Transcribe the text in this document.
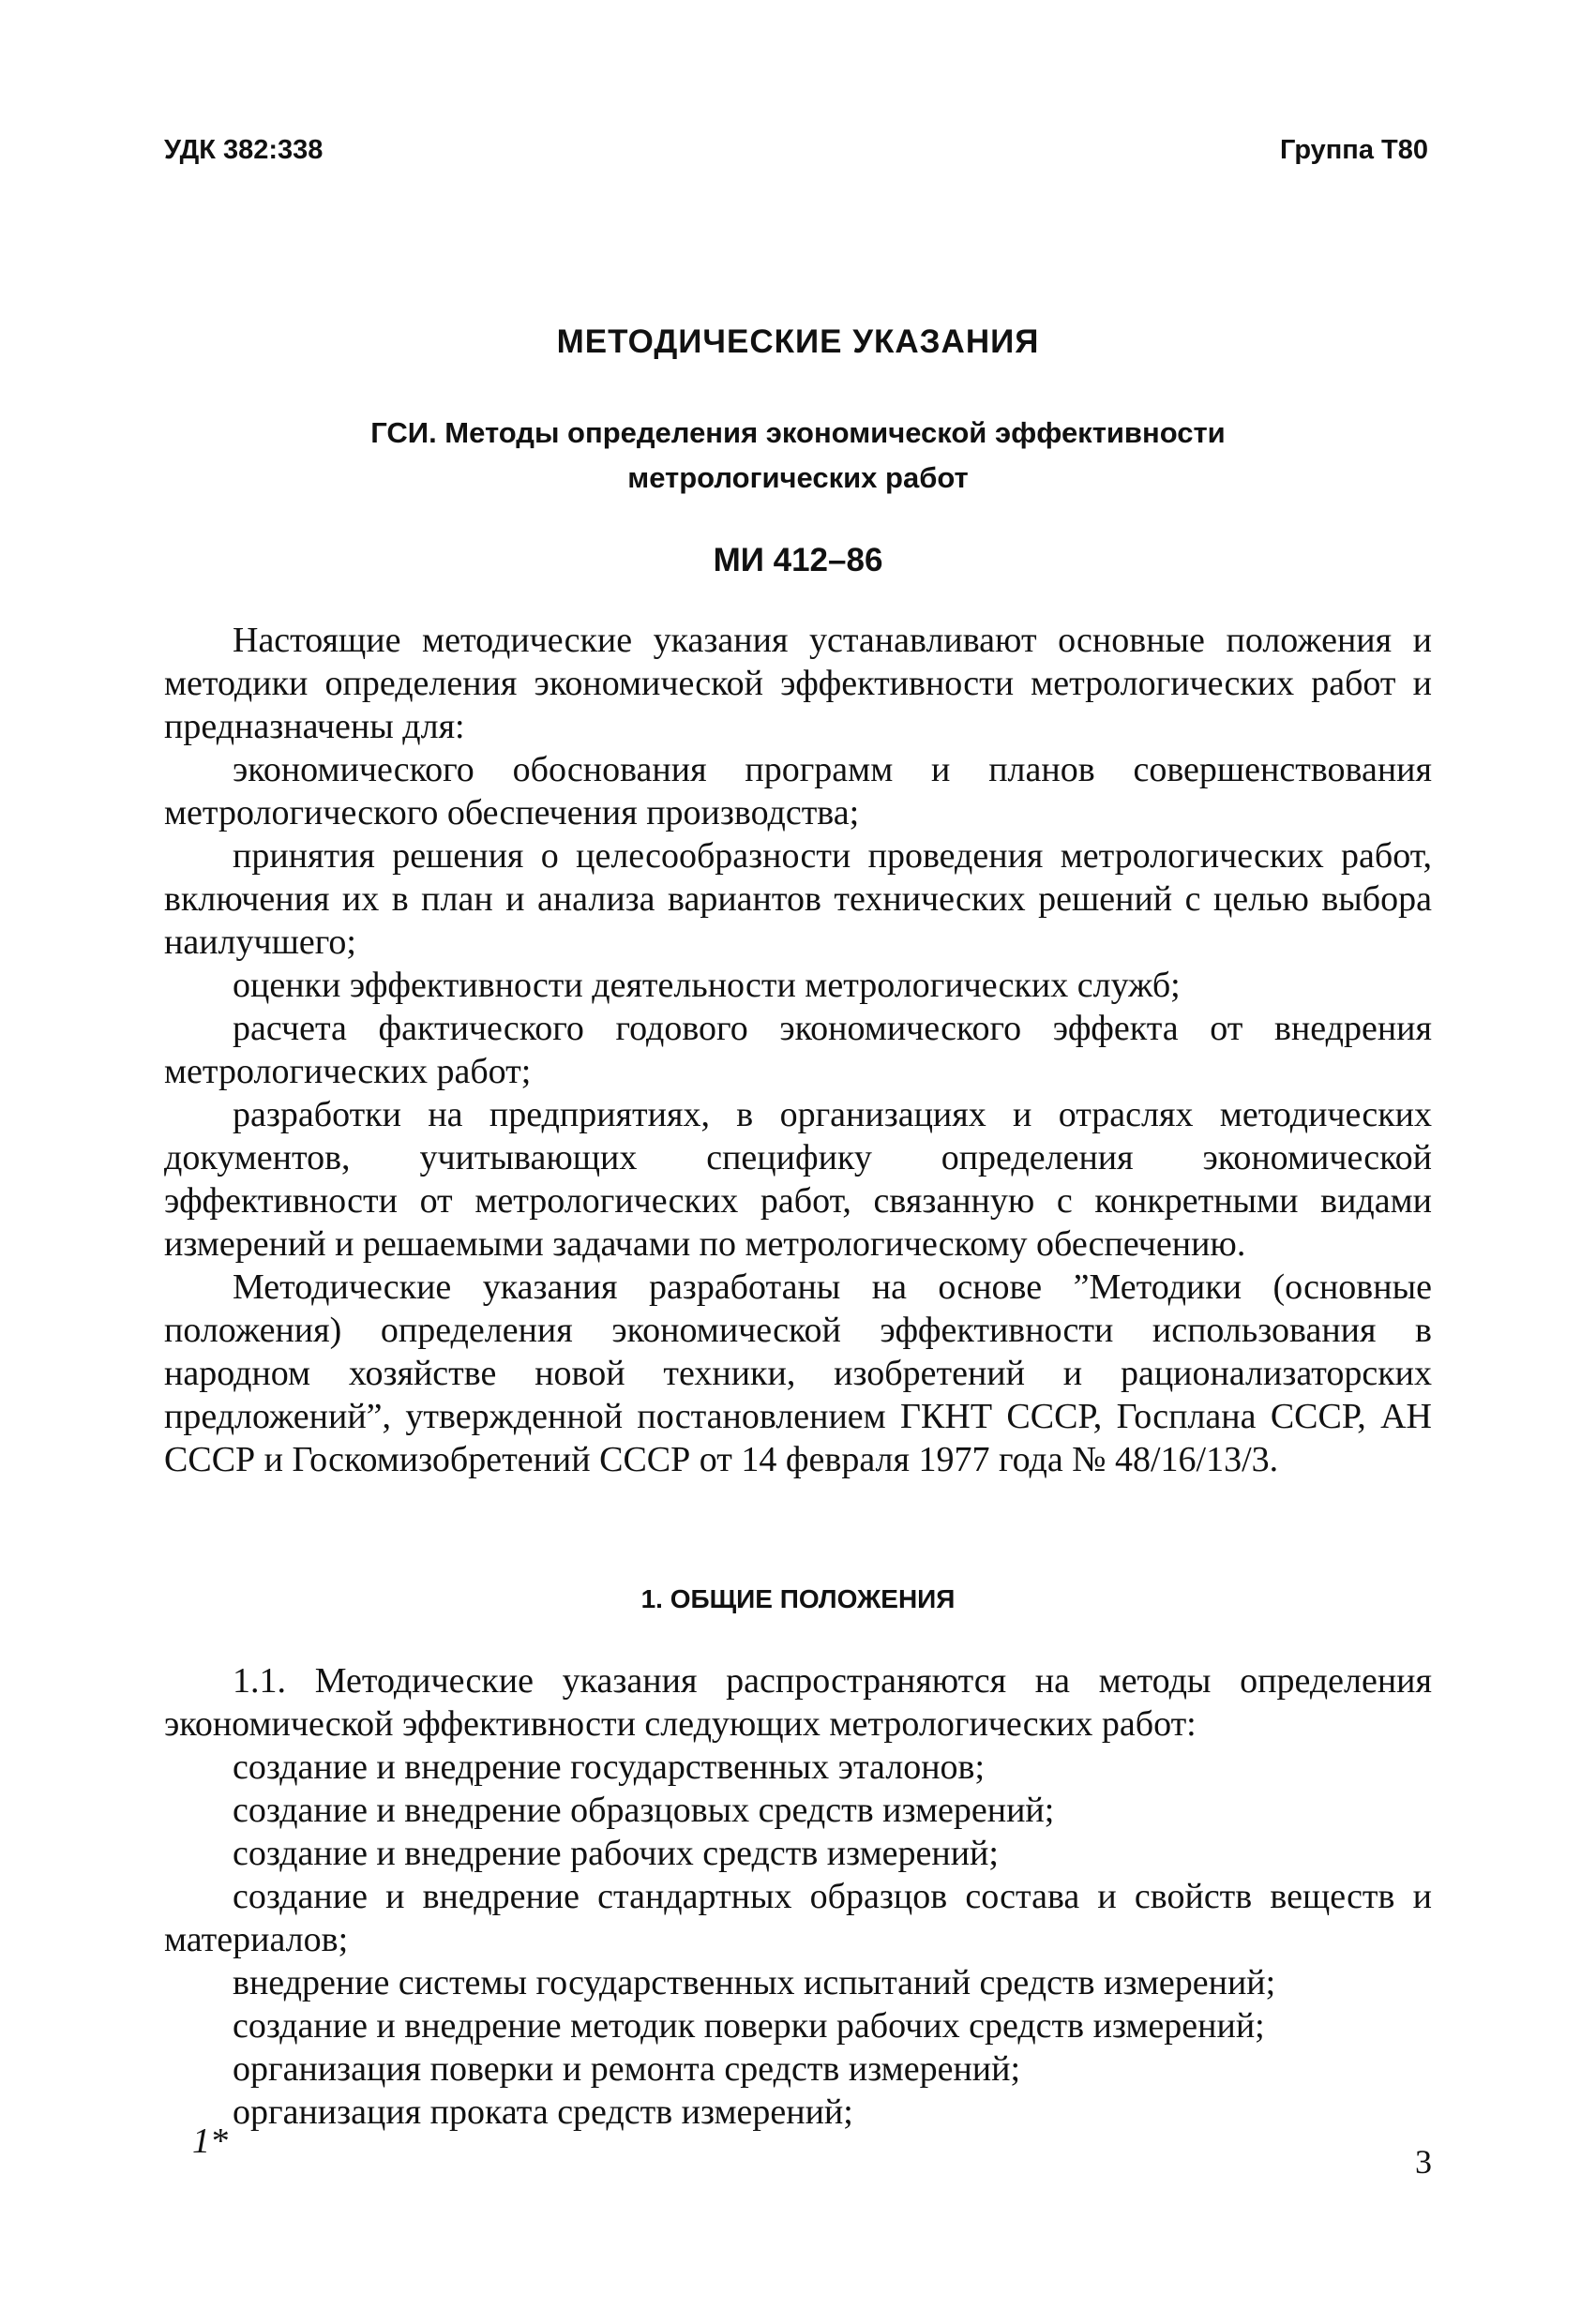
УДК 382:338	Группа Т80
МЕТОДИЧЕСКИЕ УКАЗАНИЯ
ГСИ. Методы определения экономической эффективности
метрологических работ
МИ 412–86

Настоящие методические указания устанавливают основные положения и методики определения экономической эффективности метрологических работ и предназначены для:

экономического обоснования программ и планов совершенствования метрологического обеспечения производства;

принятия решения о целесообразности проведения метрологических работ, включения их в план и анализа вариантов технических решений с целью выбора наилучшего;

оценки эффективности деятельности метрологических служб;

расчета фактического годового экономического эффекта от внедрения метрологических работ;

разработки на предприятиях, в организациях и отраслях методических документов, учитывающих специфику определения экономической эффективности от метрологических работ, связанную с конкретными видами измерений и решаемыми задачами по метрологическому обеспечению.

Методические указания разработаны на основе ”Методики (основные положения) определения экономической эффективности использования в народном хозяйстве новой техники, изобретений и рационализаторских предложений”, утвержденной постановлением ГКНТ СССР, Госплана СССР, АН СССР и Госкомизобретений СССР от 14 февраля 1977 года № 48/16/13/3.

1. ОБЩИЕ ПОЛОЖЕНИЯ

1.1. Методические указания распространяются на методы определения экономической эффективности следующих метрологических работ:

создание и внедрение государственных эталонов;

создание и внедрение образцовых средств измерений;

создание и внедрение рабочих средств измерений;

создание и внедрение стандартных образцов состава и свойств веществ и материалов;

внедрение системы государственных испытаний средств измерений;

создание и внедрение методик поверки рабочих средств измерений;

организация поверки и ремонта средств измерений;

организация проката средств измерений;

1*
3
